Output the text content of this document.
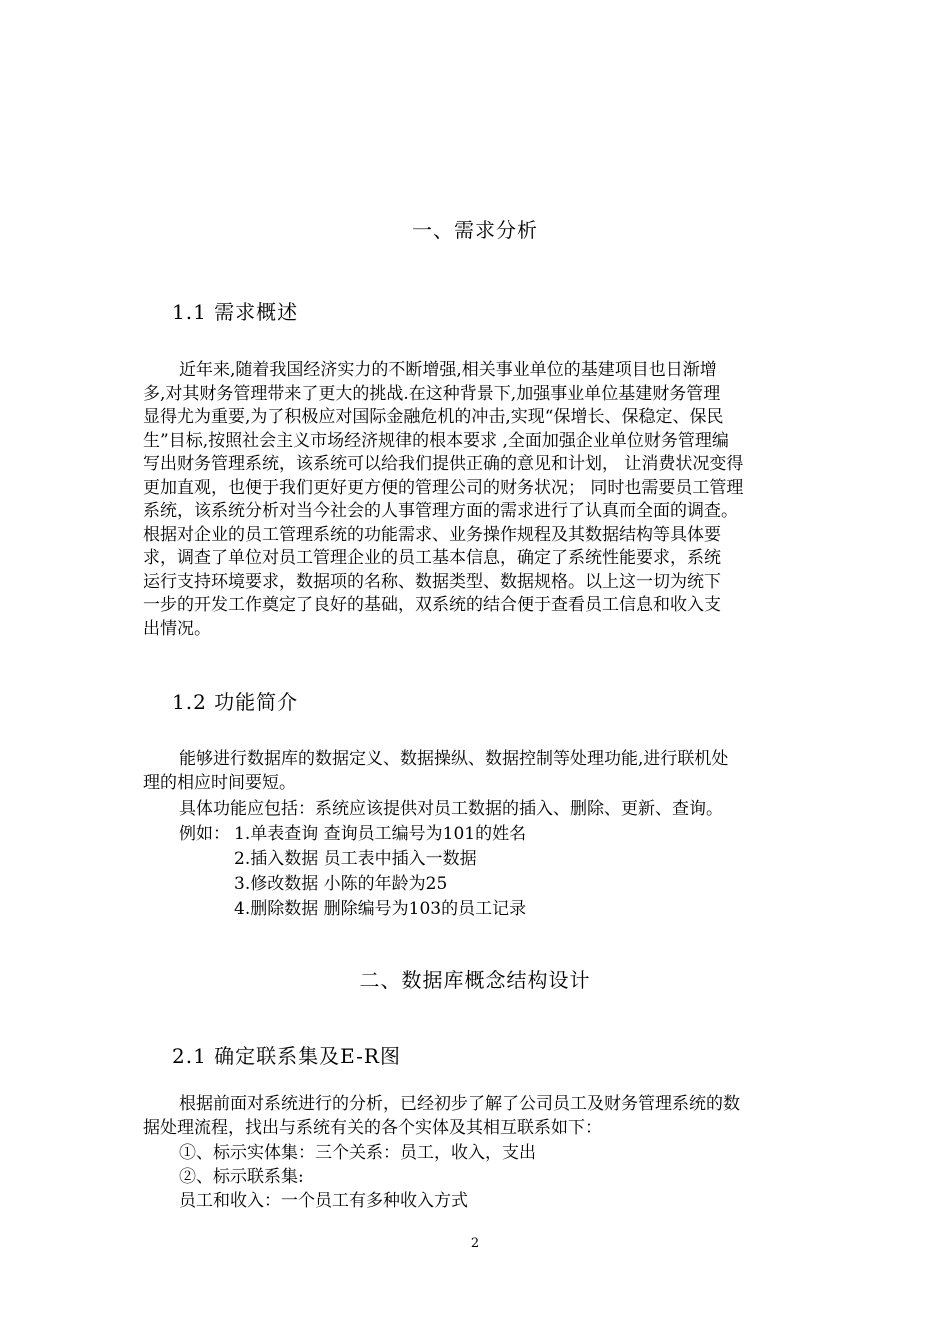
一、需求分析
1.1 需求概述
近年来,随着我国经济实力的不断增强,相关事业单位的基建项目也日渐增
多,对其财务管理带来了更大的挑战.在这种背景下,加强事业单位基建财务管理
显得尤为重要,为了积极应对国际金融危机的冲击,实现“保增长、保稳定、保民
生”目标,按照社会主义市场经济规律的根本要求 ,全面加强企业单位财务管理编
写出财务管理系统，该系统可以给我们提供正确的意见和计划， 让消费状况变得
更加直观，也便于我们更好更方便的管理公司的财务状况； 同时也需要员工管理
系统，该系统分析对当今社会的人事管理方面的需求进行了认真而全面的调查。
根据对企业的员工管理系统的功能需求、业务操作规程及其数据结构等具体要
求，调查了单位对员工管理企业的员工基本信息，确定了系统性能要求，系统
运行支持环境要求，数据项的名称、数据类型、数据规格。以上这一切为统下
一步的开发工作奠定了良好的基础，双系统的结合便于查看员工信息和收入支
出情况。
1.2 功能简介
能够进行数据库的数据定义、数据操纵、数据控制等处理功能,进行联机处
理的相应时间要短。
具体功能应包括：系统应该提供对员工数据的插入、删除、更新、查询。
例如： 1.单表查询 查询员工编号为101的姓名
2.插入数据 员工表中插入一数据
3.修改数据 小陈的年龄为25
4.删除数据 删除编号为103的员工记录
二、数据库概念结构设计
2.1 确定联系集及E-R图
根据前面对系统进行的分析，已经初步了解了公司员工及财务管理系统的数
据处理流程，找出与系统有关的各个实体及其相互联系如下：
①、标示实体集：三个关系：员工，收入，支出
②、标示联系集:
员工和收入：一个员工有多种收入方式
2
